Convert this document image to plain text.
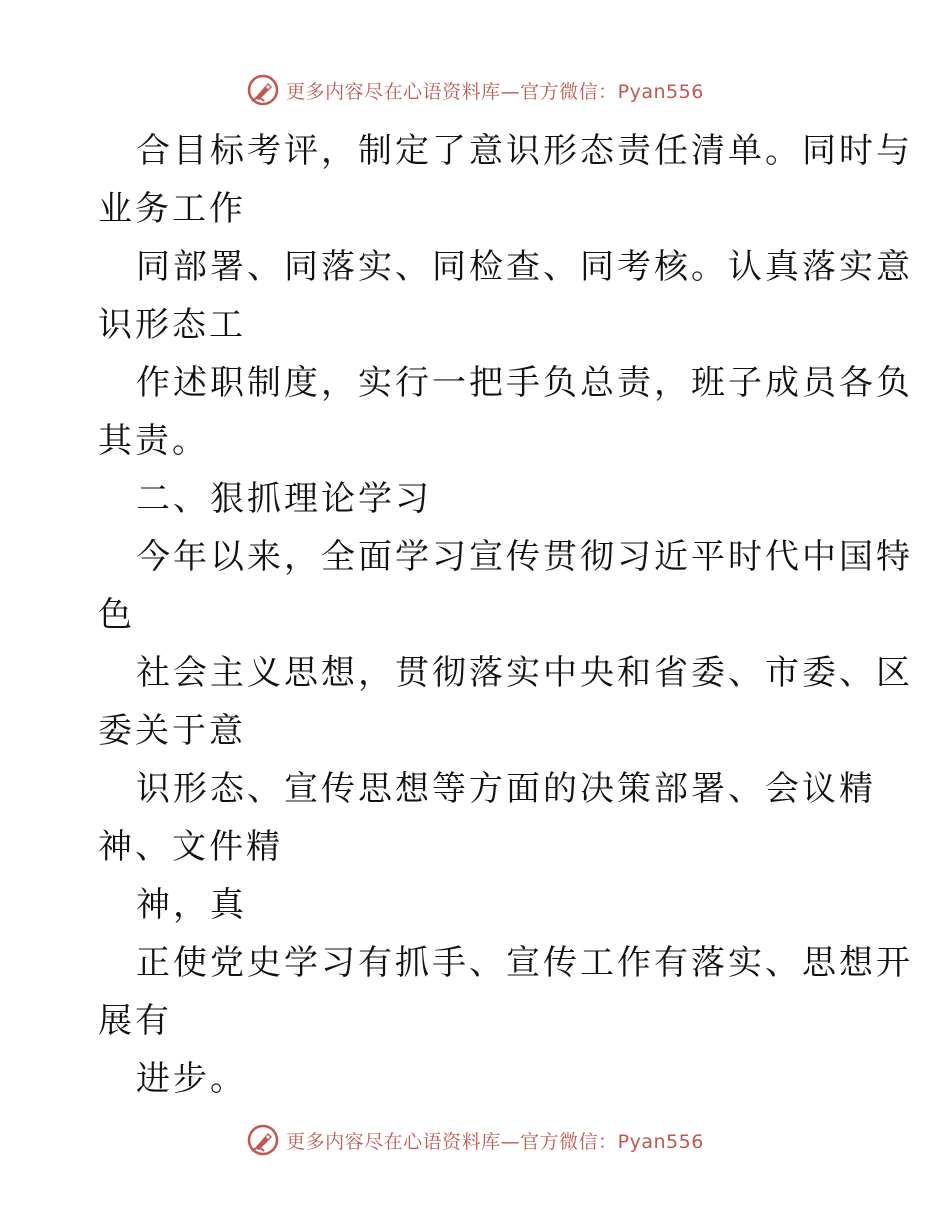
更多内容尽在心语资料库—官方微信：Pyan556

合目标考评，制定了意识形态责任清单。同时与

业务工作

同部署、同落实、同检查、同考核。认真落实意

识形态工

作述职制度，实行一把手负总责，班子成员各负

其责。

二、狠抓理论学习

今年以来，全面学习宣传贯彻习近平时代中国特

色

社会主义思想，贯彻落实中央和省委、市委、区

委关于意

识形态、宣传思想等方面的决策部署、会议精

神、文件精

神，真

正使党史学习有抓手、宣传工作有落实、思想开

展有

进步。

更多内容尽在心语资料库—官方微信：Pyan556
